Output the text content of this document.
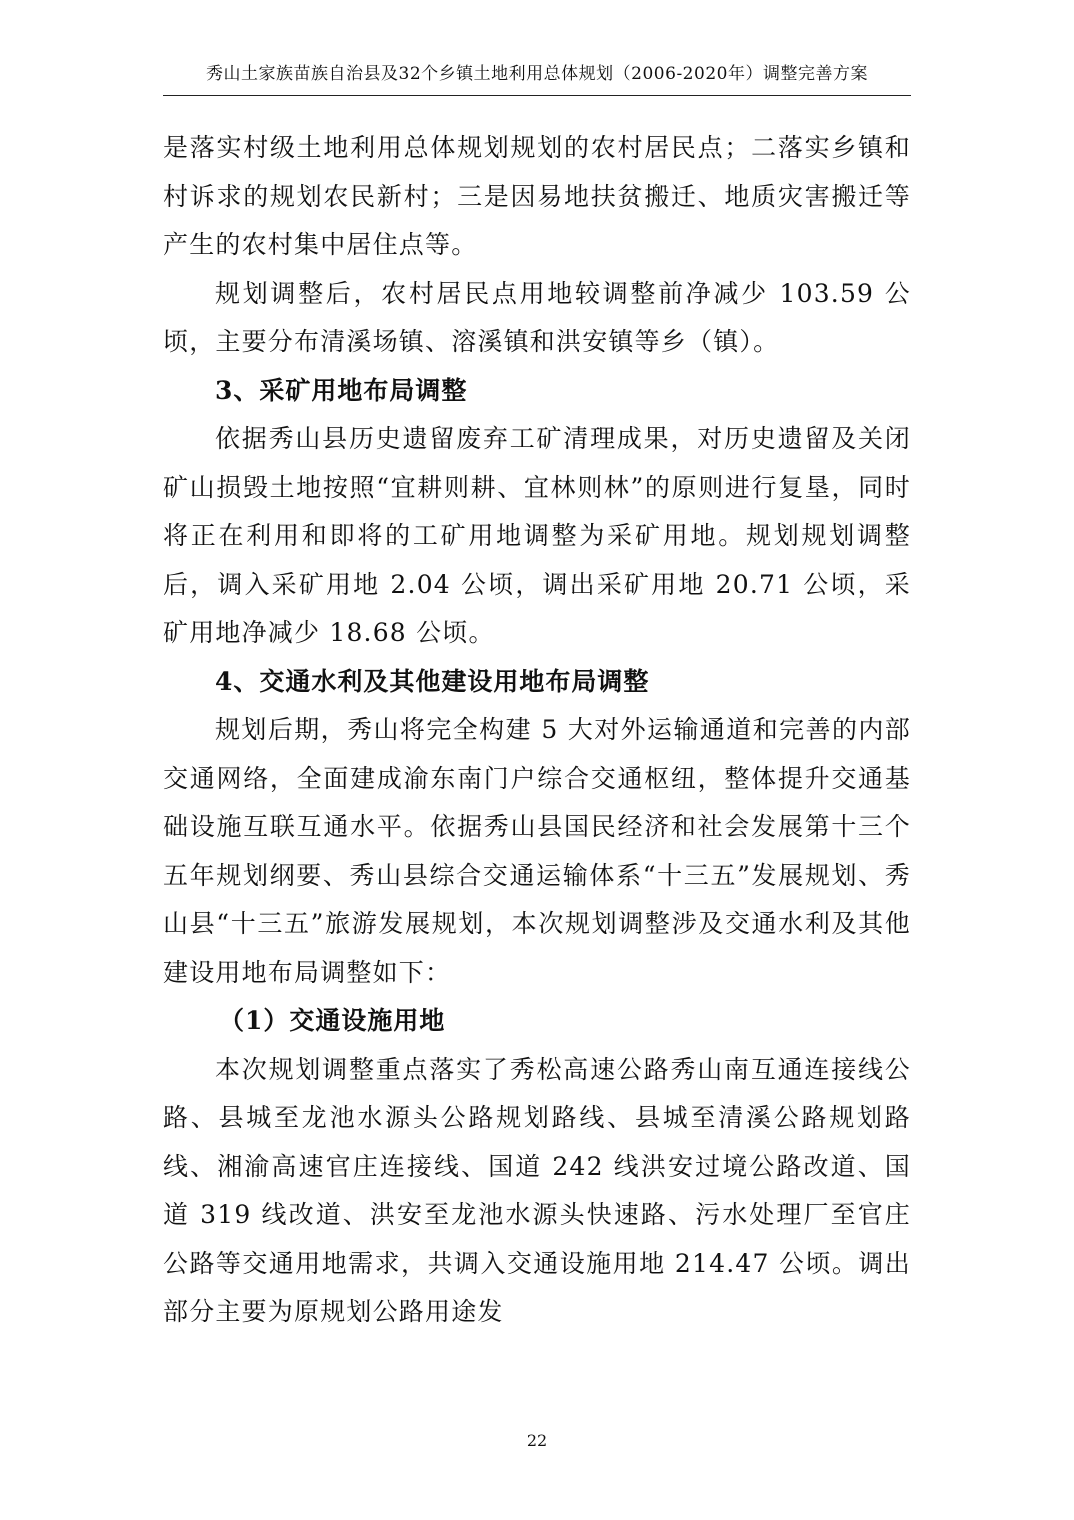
秀山土家族苗族自治县及32个乡镇土地利用总体规划（2006-2020年）调整完善方案

是落实村级土地利用总体规划规划的农村居民点；二落实乡镇和村诉求的规划农民新村；三是因易地扶贫搬迁、地质灾害搬迁等产生的农村集中居住点等。

规划调整后，农村居民点用地较调整前净减少 103.59 公顷，主要分布清溪场镇、溶溪镇和洪安镇等乡（镇）。

3、采矿用地布局调整

依据秀山县历史遗留废弃工矿清理成果，对历史遗留及关闭矿山损毁土地按照“宜耕则耕、宜林则林”的原则进行复垦，同时将正在利用和即将的工矿用地调整为采矿用地。规划规划调整后，调入采矿用地 2.04 公顷，调出采矿用地 20.71 公顷，采矿用地净减少 18.68 公顷。

4、交通水利及其他建设用地布局调整

规划后期，秀山将完全构建 5 大对外运输通道和完善的内部交通网络，全面建成渝东南门户综合交通枢纽，整体提升交通基础设施互联互通水平。依据秀山县国民经济和社会发展第十三个五年规划纲要、秀山县综合交通运输体系“十三五”发展规划、秀山县“十三五”旅游发展规划，本次规划调整涉及交通水利及其他建设用地布局调整如下：

（1）交通设施用地

本次规划调整重点落实了秀松高速公路秀山南互通连接线公路、县城至龙池水源头公路规划路线、县城至清溪公路规划路线、湘渝高速官庄连接线、国道 242 线洪安过境公路改道、国道 319 线改道、洪安至龙池水源头快速路、污水处理厂至官庄公路等交通用地需求，共调入交通设施用地 214.47 公顷。调出部分主要为原规划公路用途发

22
